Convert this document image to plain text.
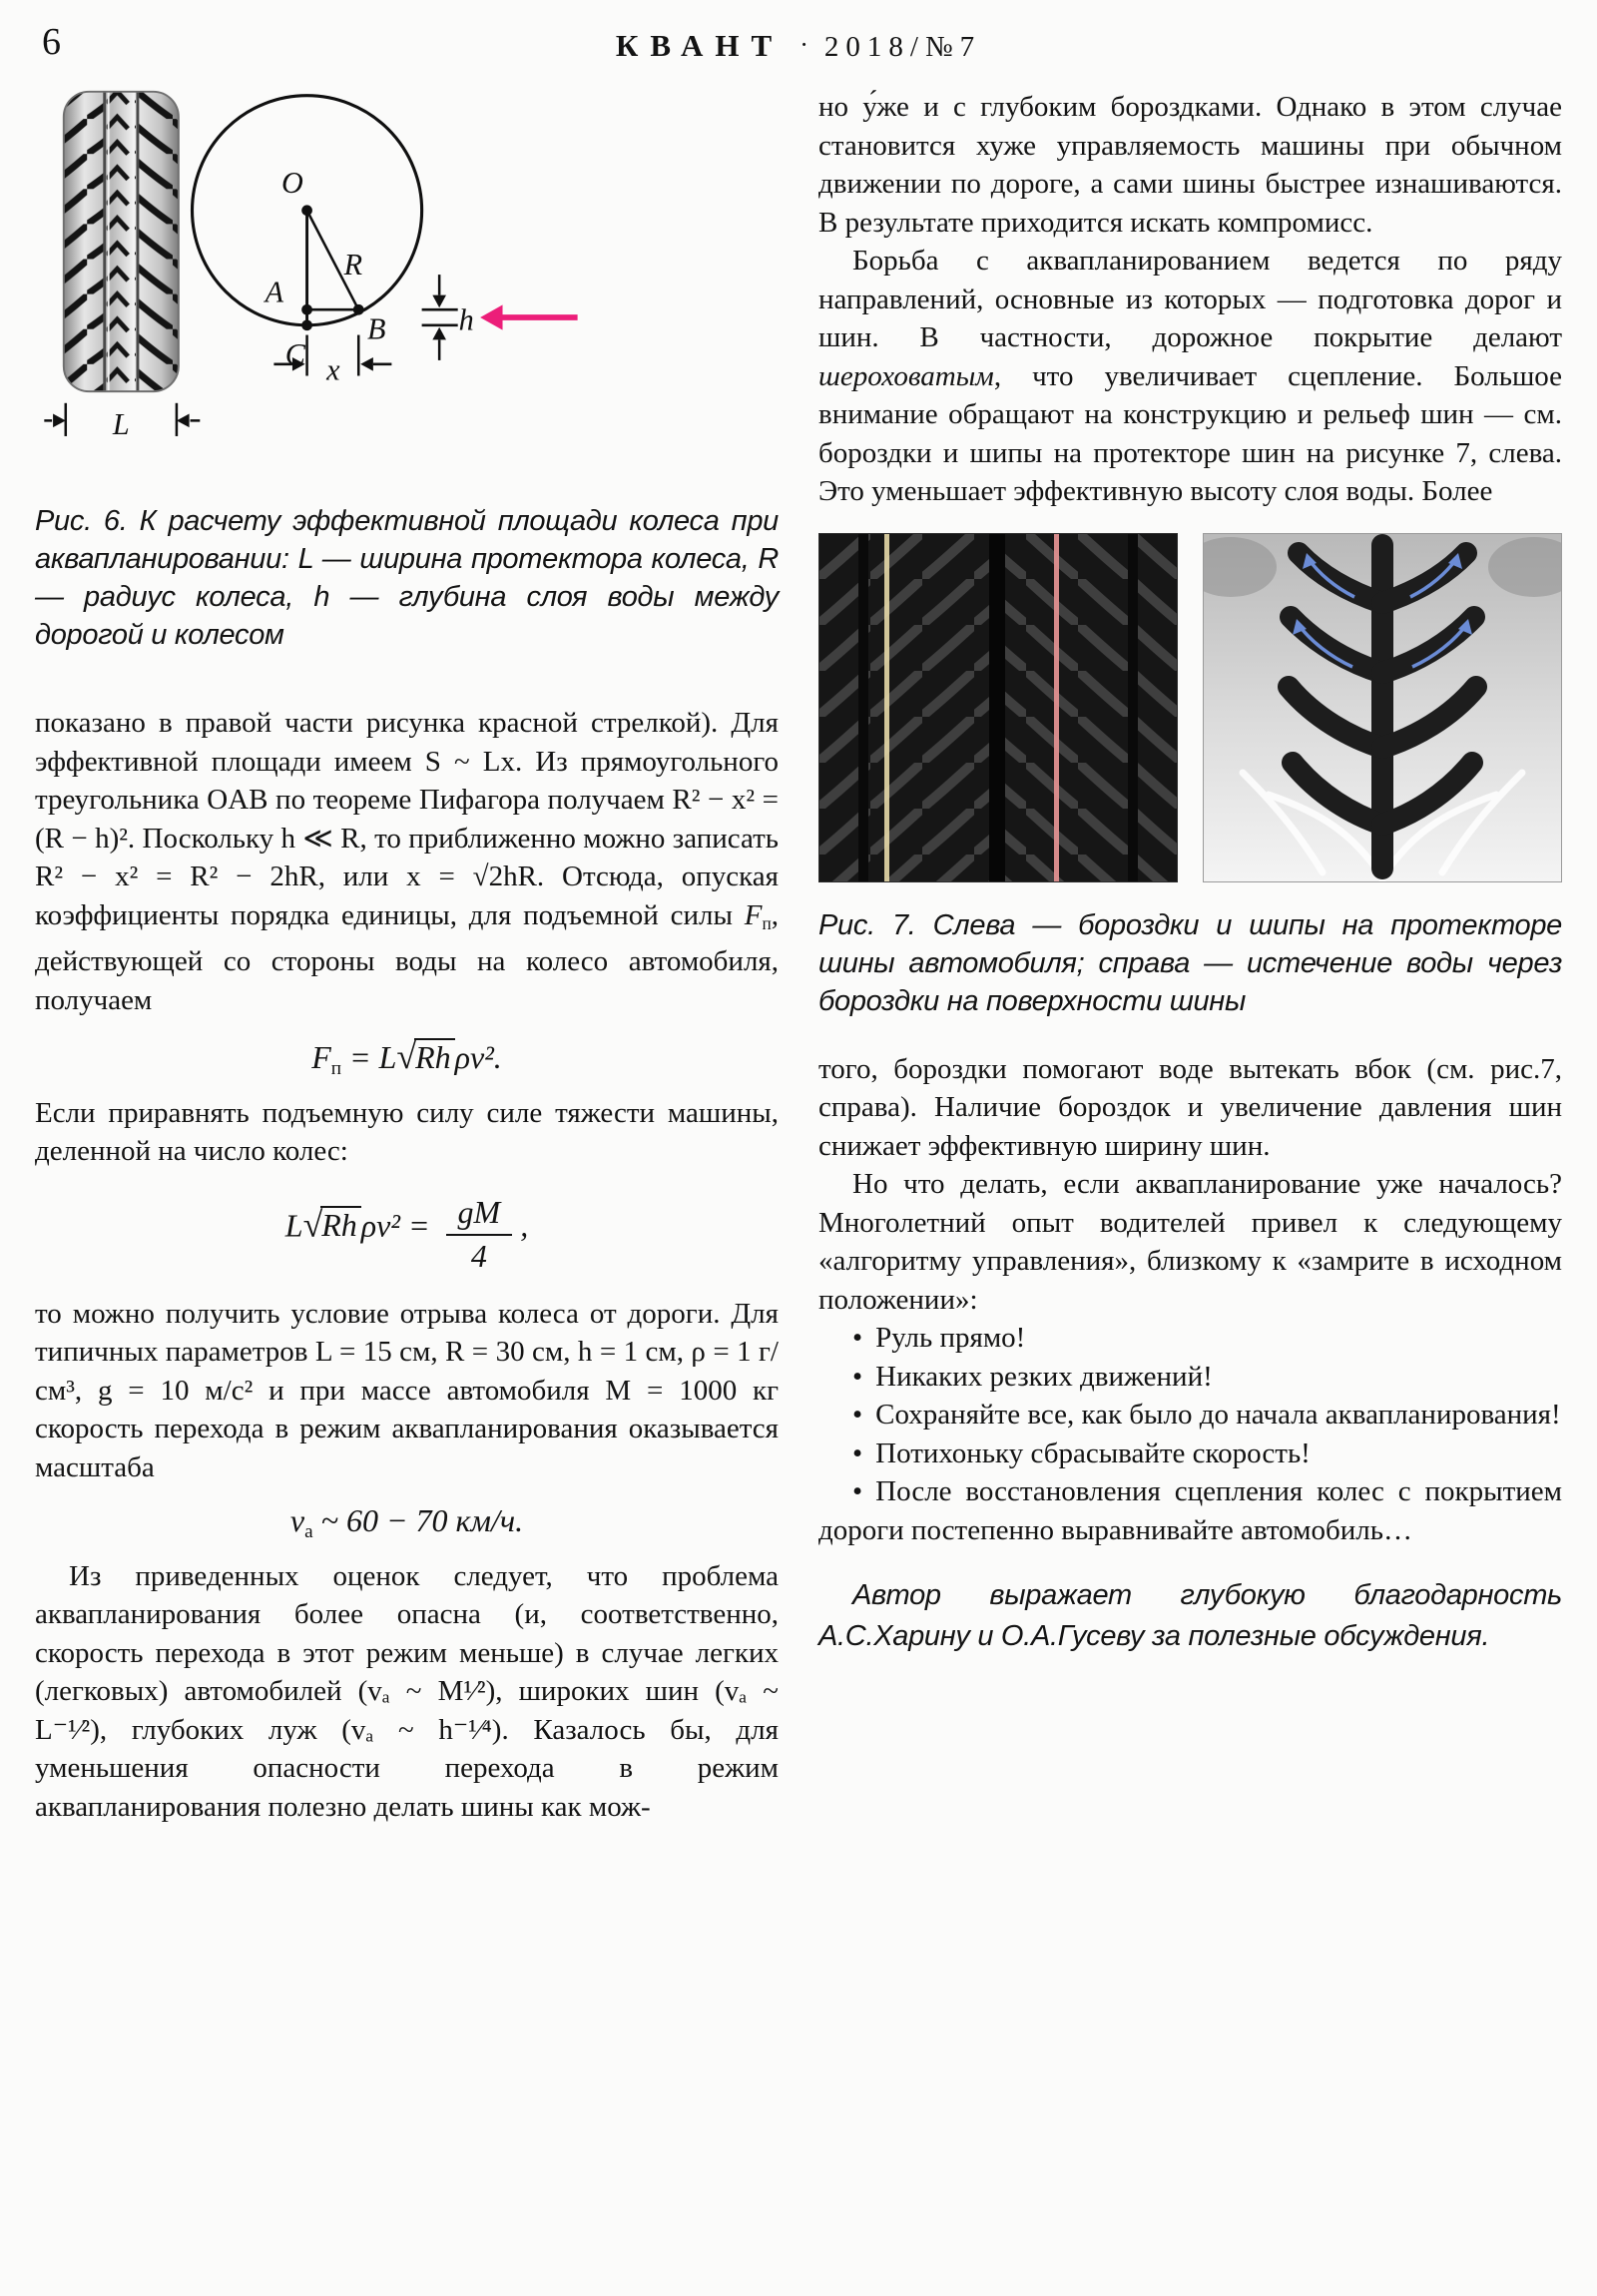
6	КВАНТ · 2018/№7
L
O
R
A
B
C x
h

Рис. 6. К расчету эффективной площади колеса при аквапланировании: L — ширина протектора колеса, R — радиус колеса, h — глубина слоя воды между дорогой и колесом

показано в правой части рисунка красной стрелкой). Для эффективной площади имеем S ~ Lx. Из прямоугольного треугольника OAB по теореме Пифагора получаем R² − x² = (R − h)². Поскольку h ≪ R, то приближенно можно записать R² − x² = R² − 2hR, или x = √2hR. Отсюда, опуская коэффициенты порядка единицы, для подъемной силы $F_п$, действующей со стороны воды на колесо автомобиля, получаем

$F_п = L√Rh$ ρv².

Если приравнять подъемную силу силе тяжести машины, деленной на число колес:

L√Rh $\rho v^2 = \frac{gM}{4}$ ,

то можно получить условие отрыва колеса от дороги. Для типичных параметров L = 15 см, R = 30 см, h = 1 см, ρ = 1 г/см³, g = 10 м/с² и при массе автомобиля M = 1000 кг скорость перехода в режим аквапланирования оказывается масштаба

$v_а$ ~ 60 − 70 км/ч.

Из приведенных оценок следует, что проблема аквапланирования более опасна (и, соответственно, скорость перехода в этот режим меньше) в случае легких (легковых) автомобилей (vₐ ~ M¹⁄²), широких шин (vₐ ~ L⁻¹⁄²), глубоких луж (vₐ ~ h⁻¹⁄⁴). Казалось бы, для уменьшения опасности перехода в режим аквапланирования полезно делать шины как мож-

но у́же и с глубоким бороздками. Однако в этом случае становится хуже управляемость машины при обычном движении по дороге, а сами шины быстрее изнашиваются. В результате приходится искать компромисс.

Борьба с аквапланированием ведется по ряду направлений, основные из которых — подготовка дорог и шин. В частности, дорожное покрытие делают шероховатым, что увеличивает сцепление. Большое внимание обращают на конструкцию и рельеф шин — см. бороздки и шипы на протекторе шин на рисунке 7, слева. Это уменьшает эффективную высоту слоя воды. Более

Рис. 7. Слева — бороздки и шипы на протекторе шины автомобиля; справа — истечение воды через бороздки на поверхности шины

того, бороздки помогают воде вытекать вбок (см. рис.7, справа). Наличие бороздок и увеличение давления шин снижает эффективную ширину шин.

Но что делать, если аквапланирование уже началось? Многолетний опыт водителей привел к следующему «алгоритму управления», близкому к «замрите в исходном положении»:

• Руль прямо!

• Никаких резких движений!

• Сохраняйте все, как было до начала аквапланирования!

• Потихоньку сбрасывайте скорость!

• После восстановления сцепления колес с покрытием дороги постепенно выравнивайте автомобиль…

Автор выражает глубокую благодарность А.С.Харину и О.А.Гусеву за полезные обсуждения.
